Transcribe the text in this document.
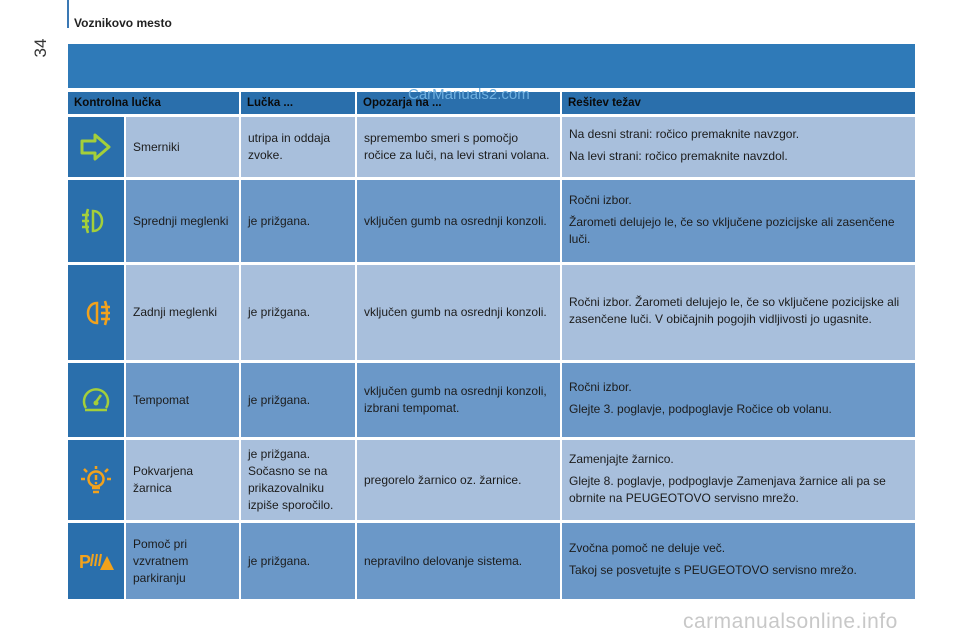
34
Voznikovo mesto
Kontrolna lučka		Lučka ...	Opozarja na ...	Rešitev težav

	Smerniki	utripa in oddaja zvoke.	spremembo smeri s pomočjo ročice za luči, na levi strani volana.	Na desni strani: ročico premaknite navzgor.

Na levi strani: ročico premaknite navzdol.

	Sprednji meglenki	je prižgana.	vključen gumb na osrednji konzoli.	Ročni izbor.

Žarometi delujejo le, če so vključene pozicijske ali zasenčene luči.

	Zadnji meglenki	je prižgana.	vključen gumb na osrednji konzoli.	Ročni izbor. Žarometi delujejo le, če so vključene pozicijske ali zasenčene luči. V običajnih pogojih vidljivosti jo ugasnite.

	Tempomat	je prižgana.	vključen gumb na osrednji konzoli, izbrani tempomat.	Ročni izbor.

Glejte 3. poglavje, podpoglavje Ročice ob volanu.

	Pokvarjena žarnica	je prižgana. Sočasno se na prikazovalniku izpiše sporočilo.	pregorelo žarnico oz. žarnice.	Zamenjajte žarnico.

Glejte 8. poglavje, podpoglavje Zamenjava žarnice ali pa se obrnite na PEUGEOTOVO servisno mrežo.

P	Pomoč pri vzvratnem parkiranju	je prižgana.	nepravilno delovanje sistema.	Zvočna pomoč ne deluje več.

Takoj se posvetujte s PEUGEOTOVO servisno mrežo.

CarManuals2.com
carmanualsonline.info
